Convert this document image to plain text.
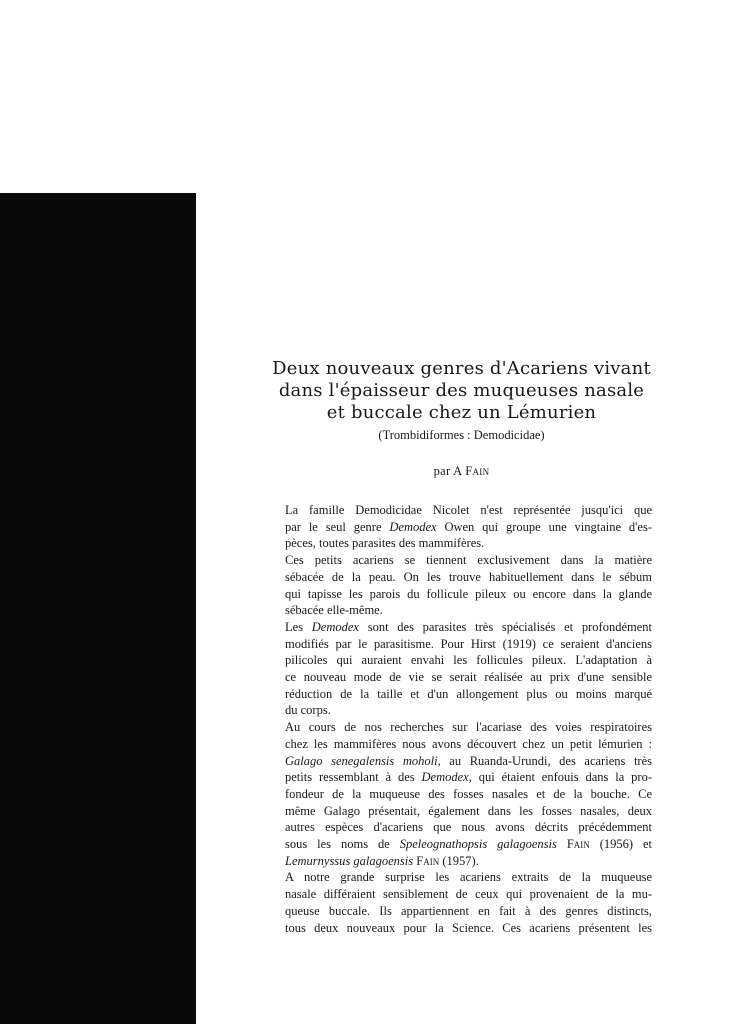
Deux nouveaux genres d'Acariens vivant
dans l'épaisseur des muqueuses nasale
et buccale chez un Lémurien
(Trombidiformes : Demodicidae)
par A Fain

La famille Demodicidae Nicolet n'est représentée jusqu'ici que
par le seul genre Demodex Owen qui groupe une vingtaine d'es-
pèces, toutes parasites des mammifères.

Ces petits acariens se tiennent exclusivement dans la matière
sébacée de la peau. On les trouve habituellement dans le sébum
qui tapisse les parois du follicule pileux ou encore dans la glande
sébacée elle-même.

Les Demodex sont des parasites très spécialisés et profondément
modifiés par le parasitisme. Pour Hirst (1919) ce seraient d'anciens
pilicoles qui auraient envahi les follicules pileux. L'adaptation à
ce nouveau mode de vie se serait réalisée au prix d'une sensible
réduction de la taille et d'un allongement plus ou moins marqué
du corps.

Au cours de nos recherches sur l'acariase des voies respiratoires
chez les mammifères nous avons découvert chez un petit lémurien :
Galago senegalensis moholi, au Ruanda-Urundi, des acariens très
petits ressemblant à des Demodex, qui étaient enfouis dans la pro-
fondeur de la muqueuse des fosses nasales et de la bouche. Ce
même Galago présentait, également dans les fosses nasales, deux
autres espèces d'acariens que nous avons décrits précédemment
sous les noms de Speleognathopsis galagoensis Fain (1956) et
Lemurnyssus galagoensis Fain (1957).

A notre grande surprise les acariens extraits de la muqueuse
nasale différaient sensiblement de ceux qui provenaient de la mu-
queuse buccale. Ils appartiennent en fait à des genres distincts,
tous deux nouveaux pour la Science. Ces acariens présentent les
